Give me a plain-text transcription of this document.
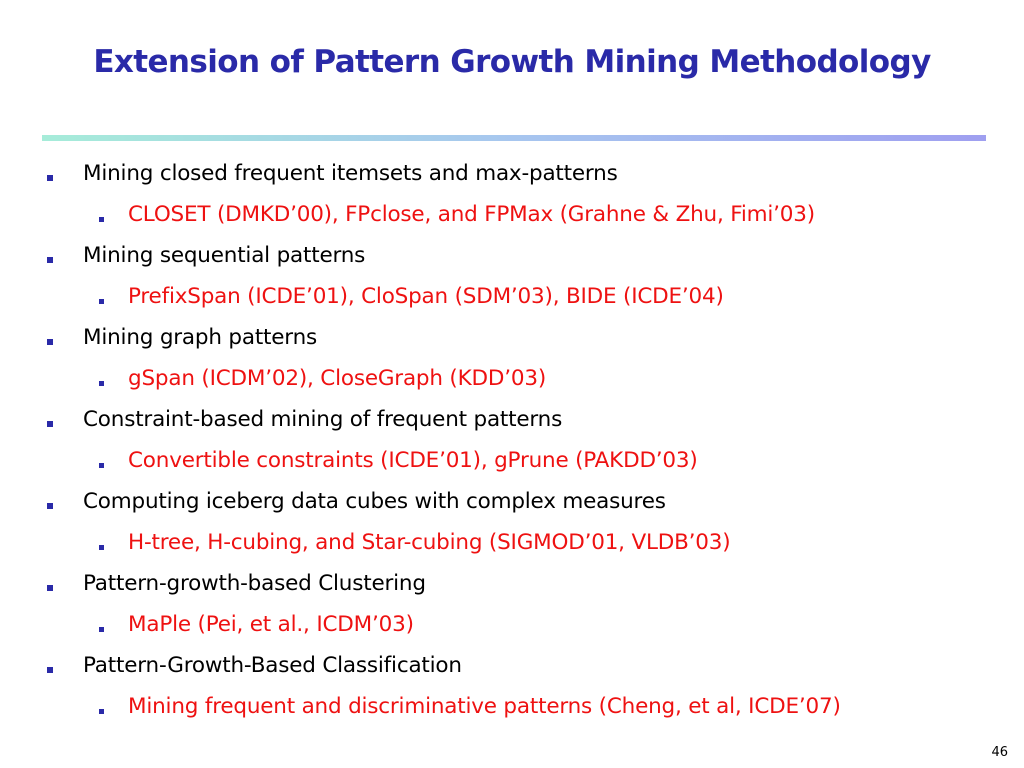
Extension of Pattern Growth Mining Methodology
Mining closed frequent itemsets and max-patterns
CLOSET (DMKD’00), FPclose, and FPMax (Grahne & Zhu, Fimi’03)
Mining sequential patterns
PrefixSpan (ICDE’01), CloSpan (SDM’03), BIDE (ICDE’04)
Mining graph patterns
gSpan (ICDM’02), CloseGraph (KDD’03)
Constraint-based mining of frequent patterns
Convertible constraints (ICDE’01), gPrune (PAKDD’03)
Computing iceberg data cubes with complex measures
H-tree, H-cubing, and Star-cubing (SIGMOD’01, VLDB’03)
Pattern-growth-based Clustering
MaPle (Pei, et al., ICDM’03)
Pattern-Growth-Based Classification
Mining frequent and discriminative patterns (Cheng, et al, ICDE’07)
46
